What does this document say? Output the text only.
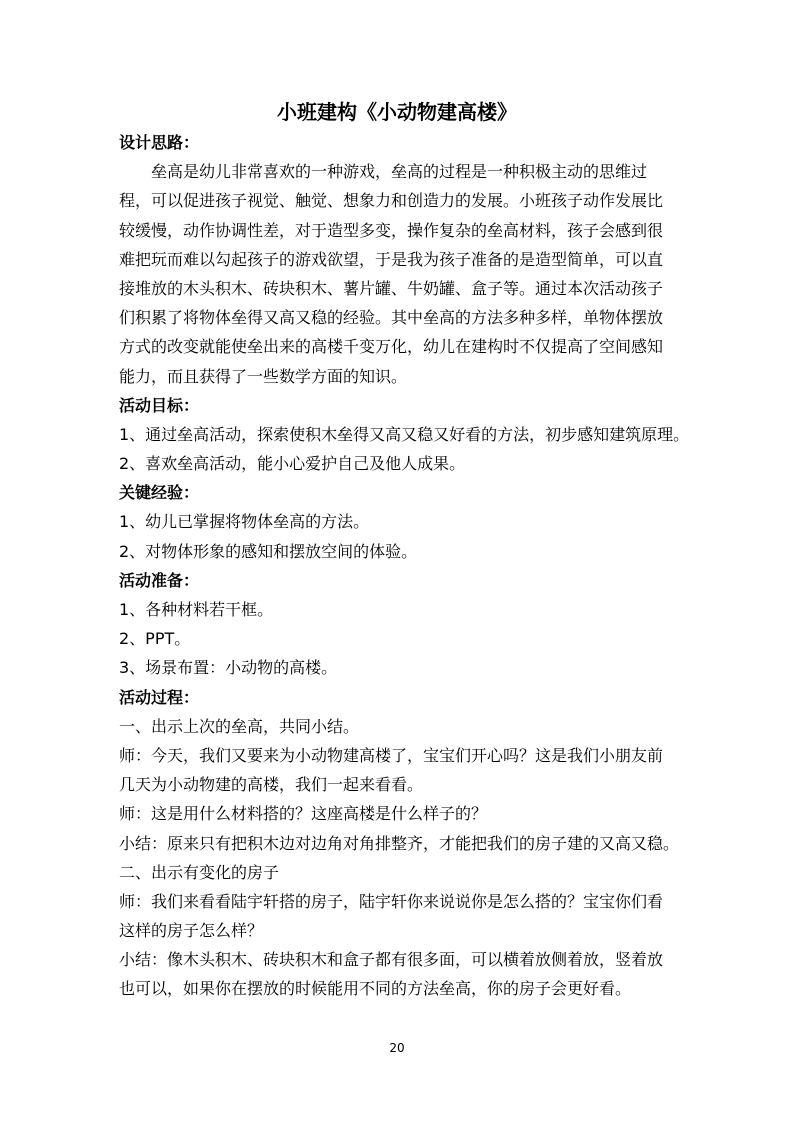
小班建构《小动物建高楼》
设计思路：
垒高是幼儿非常喜欢的一种游戏，垒高的过程是一种积极主动的思维过
程，可以促进孩子视觉、触觉、想象力和创造力的发展。小班孩子动作发展比
较缓慢，动作协调性差，对于造型多变，操作复杂的垒高材料，孩子会感到很
难把玩而难以勾起孩子的游戏欲望，于是我为孩子准备的是造型简单，可以直
接堆放的木头积木、砖块积木、薯片罐、牛奶罐、盒子等。通过本次活动孩子
们积累了将物体垒得又高又稳的经验。其中垒高的方法多种多样，单物体摆放
方式的改变就能使垒出来的高楼千变万化，幼儿在建构时不仅提高了空间感知
能力，而且获得了一些数学方面的知识。
活动目标：
1、通过垒高活动，探索使积木垒得又高又稳又好看的方法，初步感知建筑原理。
2、喜欢垒高活动，能小心爱护自己及他人成果。
关键经验：
1、幼儿已掌握将物体垒高的方法。
2、对物体形象的感知和摆放空间的体验。
活动准备：
1、各种材料若干框。
2、PPT。
3、场景布置：小动物的高楼。
活动过程：
一、出示上次的垒高，共同小结。
师：今天，我们又要来为小动物建高楼了，宝宝们开心吗？这是我们小朋友前
几天为小动物建的高楼，我们一起来看看。
师：这是用什么材料搭的？这座高楼是什么样子的？
小结：原来只有把积木边对边角对角排整齐，才能把我们的房子建的又高又稳。
二、出示有变化的房子
师：我们来看看陆宇轩搭的房子，陆宇轩你来说说你是怎么搭的？宝宝你们看
这样的房子怎么样？
小结：像木头积木、砖块积木和盒子都有很多面，可以横着放侧着放，竖着放
也可以，如果你在摆放的时候能用不同的方法垒高，你的房子会更好看。
20
